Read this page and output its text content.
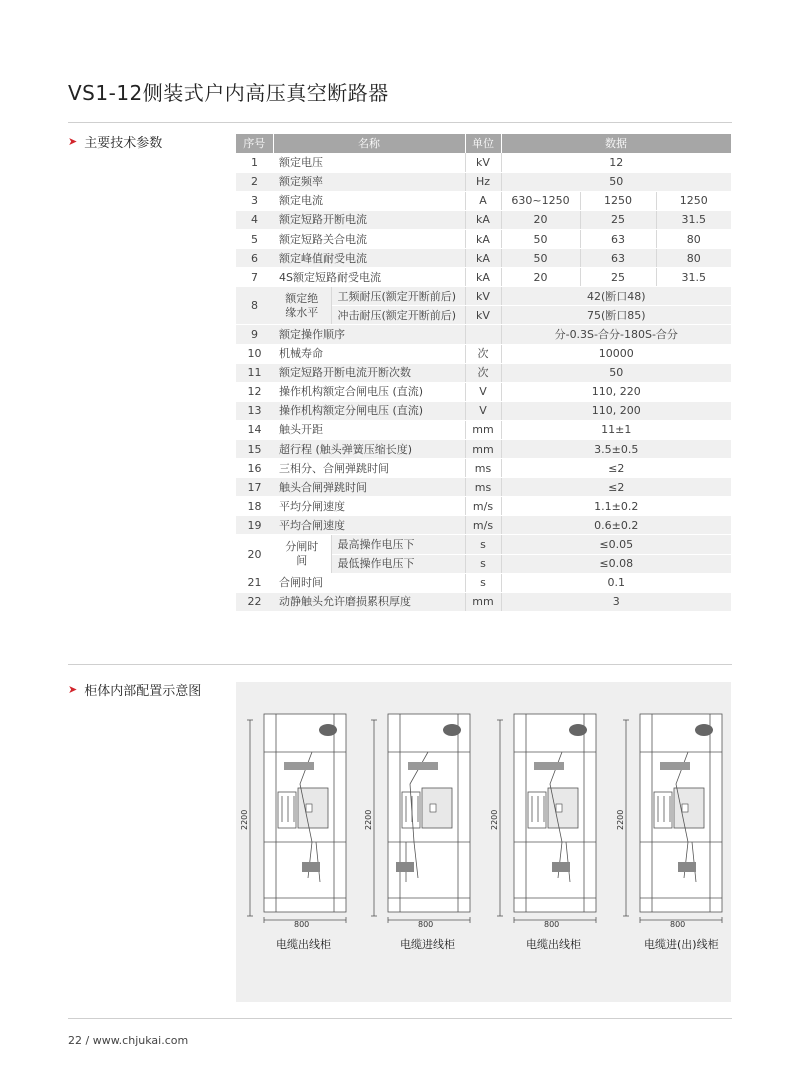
VS1-12侧装式户内高压真空断路器
➤ 主要技术参数	序号	名称		单位	数据		
1	额定电压		kV	12		
2	额定频率		Hz	50		
3	额定电流		A	630~1250	1250	1250
4	额定短路开断电流		kA	20	25	31.5
5	额定短路关合电流		kA	50	63	80
6	额定峰值耐受电流		kA	50	63	80
7	4S额定短路耐受电流		kA	20	25	31.5
8	额定绝缘水平	工频耐压(额定开断前后)	kV	42(断口48)		
		冲击耐压(额定开断前后)	kV	75(断口85)		
9	额定操作顺序			分-0.3S-合分-180S-合分		
10	机械寿命		次	10000		
11	额定短路开断电流开断次数		次	50		
12	操作机构额定合闸电压 (直流)		V	110, 220		
13	操作机构额定分闸电压 (直流)		V	110, 200		
14	触头开距		mm	11±1		
15	超行程 (触头弹簧压缩长度)		mm	3.5±0.5		
16	三相分、合闸弹跳时间		ms	≤2		
17	触头合闸弹跳时间		ms	≤2		
18	平均分闸速度		m/s	1.1±0.2		
19	平均合闸速度		m/s	0.6±0.2		
20	分闸时间	最高操作电压下	s	≤0.05		
		最低操作电压下	s	≤0.08		
21	合闸时间		s	0.1		
22	动静触头允许磨损累积厚度		mm	3		
➤ 柜体内部配置示意图
2200
800
电缆出线柜
2200
800
电缆进线柜
2200
800
电缆出线柜
2200
800
电缆进(出)线柜
22 / www.chjukai.com
